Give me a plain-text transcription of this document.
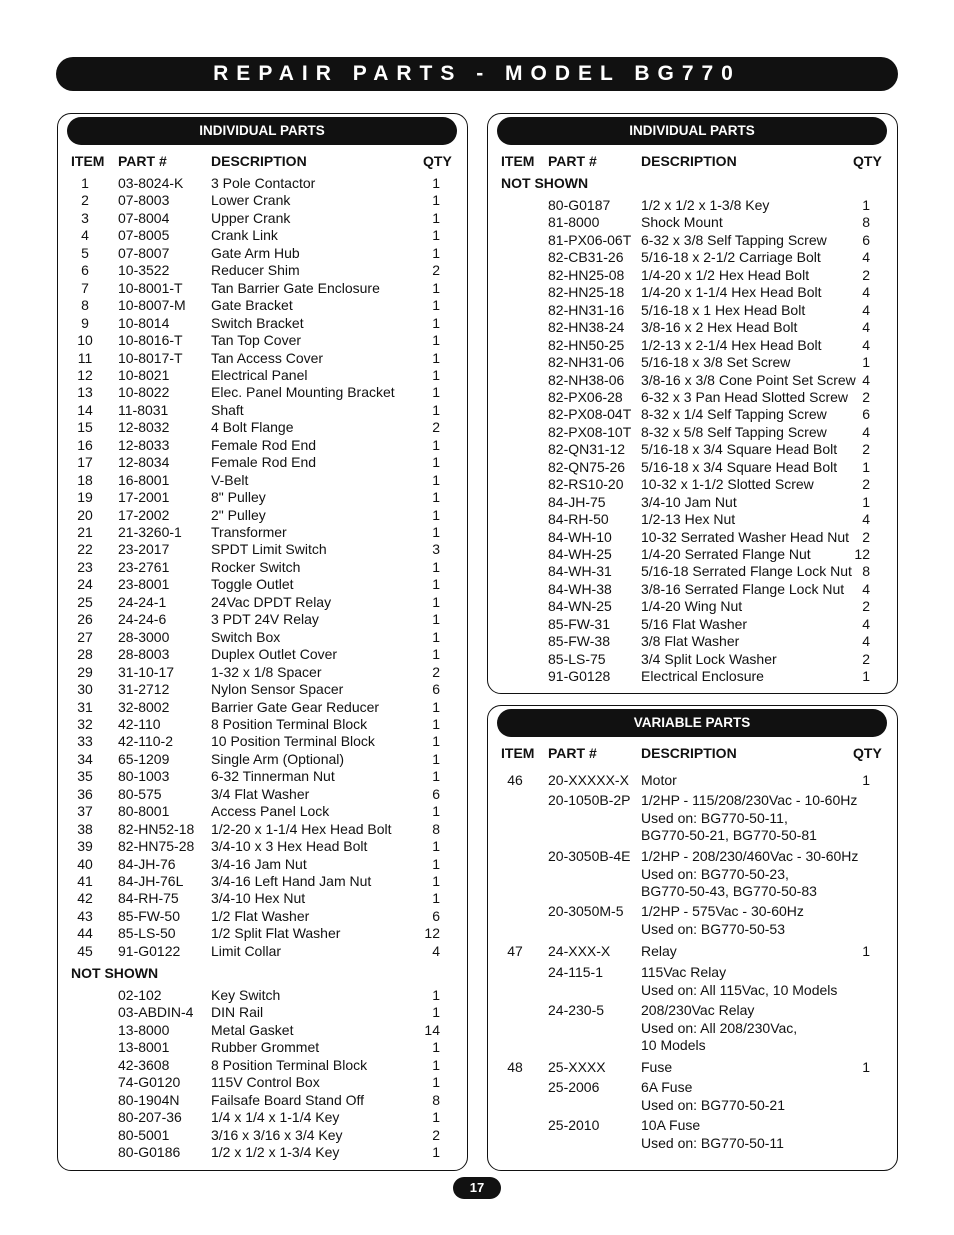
REPAIR PARTS - MODEL BG770
INDIVIDUAL PARTS
ITEM PART #	DESCRIPTION	QTY
1	03-8024-K 3 Pole Contactor	1
2	07-8003	Lower Crank	1
3	07-8004	Upper Crank	1
4	07-8005	Crank Link	1
5	07-8007	Gate Arm Hub	1
6	10-3522	Reducer Shim	2
7	10-8001-T Tan Barrier Gate Enclosure	1
8	10-8007-M Gate Bracket	1
9	10-8014	Switch Bracket	1
10	10-8016-T Tan Top Cover	1
11	10-8017-T Tan Access Cover	1
12	10-8021	Electrical Panel	1
13	10-8022	Elec. Panel Mounting Bracket	1
14	11-8031	Shaft	1
15	12-8032	4 Bolt Flange	2
16	12-8033	Female Rod End	1
17	12-8034	Female Rod End	1
18	16-8001	V-Belt	1
19	17-2001	8" Pulley	1
20	17-2002	2" Pulley	1
21	21-3260-1 Transformer	1
22	23-2017	SPDT Limit Switch	3
23	23-2761	Rocker Switch	1
24	23-8001	Toggle Outlet	1
25	24-24-1	24Vac DPDT Relay	1
26	24-24-6	3 PDT 24V Relay	1
27	28-3000	Switch Box	1
28	28-8003	Duplex Outlet Cover	1
29	31-10-17	1-32 x 1/8 Spacer	2
30	31-2712	Nylon Sensor Spacer	6
31	32-8002	Barrier Gate Gear Reducer	1
32	42-110	8 Position Terminal Block	1
33	42-110-2	10 Position Terminal Block	1
34	65-1209	Single Arm (Optional)	1
35	80-1003	6-32 Tinnerman Nut	1
36	80-575	3/4 Flat Washer	6
37	80-8001	Access Panel Lock	1
38	82-HN52-18 1/2-20 x 1-1/4 Hex Head Bolt	8
39	82-HN75-28 3/4-10 x 3 Hex Head Bolt	1
40	84-JH-76	3/4-16 Jam Nut	1
41	84-JH-76L 3/4-16 Left Hand Jam Nut	1
42	84-RH-75 3/4-10 Hex Nut	1
43	85-FW-50 1/2 Flat Washer	6
44	85-LS-50	1/2 Split Flat Washer	12
45	91-G0122 Limit Collar	4
NOT SHOWN
02-102	Key Switch	1
03-ABDIN-4 DIN Rail	1
13-8000	Metal Gasket	14
13-8001	Rubber Grommet	1
42-3608	8 Position Terminal Block	1
74-G0120 115V Control Box	1
80-1904N Failsafe Board Stand Off	8
80-207-36 1/4 x 1/4 x 1-1/4 Key	1
80-5001	3/16 x 3/16 x 3/4 Key	2
80-G0186 1/2 x 1/2 x 1-3/4 Key	1
INDIVIDUAL PARTS
ITEM PART #	DESCRIPTION	QTY
NOT SHOWN
80-G0187 1/2 x 1/2 x 1-3/8 Key	1
81-8000	Shock Mount	8
81-PX06-06T 6-32 x 3/8 Self Tapping Screw	6
82-CB31-26 5/16-18 x 2-1/2 Carriage Bolt	4
82-HN25-08 1/4-20 x 1/2 Hex Head Bolt	2
82-HN25-18 1/4-20 x 1-1/4 Hex Head Bolt	4
82-HN31-16 5/16-18 x 1 Hex Head Bolt	4
82-HN38-24 3/8-16 x 2 Hex Head Bolt	4
82-HN50-25 1/2-13 x 2-1/4 Hex Head Bolt	4
82-NH31-06 5/16-18 x 3/8 Set Screw	1
82-NH38-06 3/8-16 x 3/8 Cone Point Set Screw 4
82-PX06-28 6-32 x 3 Pan Head Slotted Screw	2
82-PX08-04T 8-32 x 1/4 Self Tapping Screw	6
82-PX08-10T 8-32 x 5/8 Self Tapping Screw	4
82-QN31-12 5/16-18 x 3/4 Square Head Bolt	2
82-QN75-26 5/16-18 x 3/4 Square Head Bolt	1
82-RS10-20 10-32 x 1-1/2 Slotted Screw	2
84-JH-75	3/4-10 Jam Nut	1
84-RH-50 1/2-13 Hex Nut	4
84-WH-10 10-32 Serrated Washer Head Nut 2
84-WH-25 1/4-20 Serrated Flange Nut	12
84-WH-31 5/16-18 Serrated Flange Lock Nut 8
84-WH-38 3/8-16 Serrated Flange Lock Nut	4
84-WN-25 1/4-20 Wing Nut	2
85-FW-31 5/16 Flat Washer	4
85-FW-38 3/8 Flat Washer	4
85-LS-75	3/4 Split Lock Washer	2
91-G0128 Electrical Enclosure	1
VARIABLE PARTS
ITEM PART #	DESCRIPTION	QTY
46	20-XXXXX-X Motor	1
20-1050B-2P 1/2HP - 115/208/230Vac - 10-60Hz
Used on: BG770-50-11,
BG770-50-21, BG770-50-81
20-3050B-4E 1/2HP - 208/230/460Vac - 30-60Hz
Used on: BG770-50-23,
BG770-50-43, BG770-50-83
20-3050M-5 1/2HP - 575Vac - 30-60Hz
Used on: BG770-50-53
47	24-XXX-X Relay	1
24-115-1	115Vac Relay
Used on: All 115Vac, 10 Models
24-230-5	208/230Vac Relay
Used on: All 208/230Vac,
10 Models
48	25-XXXX	Fuse	1
25-2006	6A Fuse
Used on: BG770-50-21
25-2010	10A Fuse
Used on: BG770-50-11
17
